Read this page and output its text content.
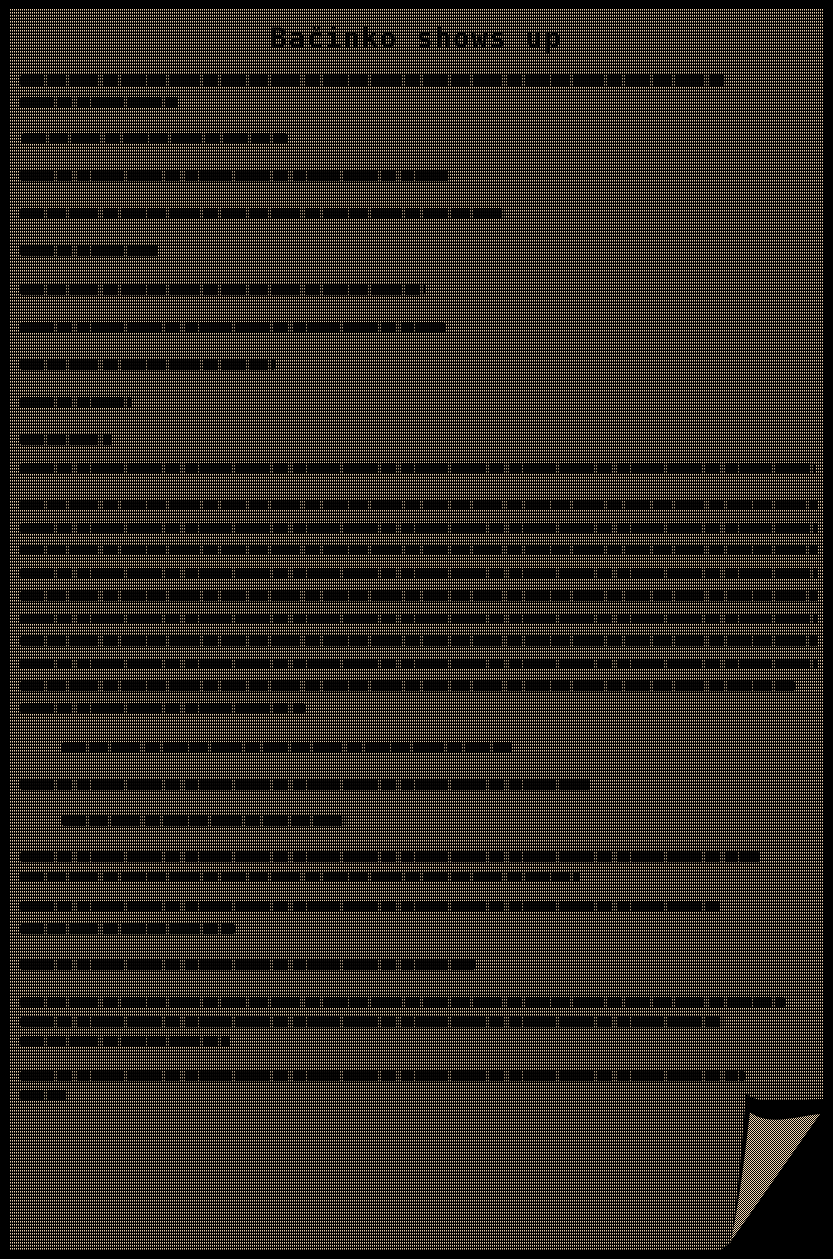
Bačinko shows up
